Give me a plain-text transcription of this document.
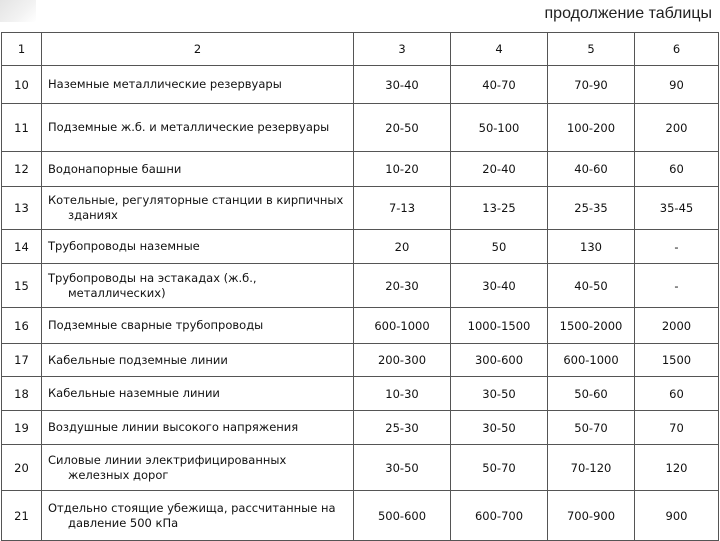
продолжение таблицы
1	2	3	4	5	6
10	Наземные металлические резервуары	30-40	40-70	70-90	90
11	Подземные ж.б. и металлические резервуары	20-50	50-100	100-200	200
12	Водонапорные башни	10-20	20-40	40-60	60
13	Котельные, регуляторные станции в кирпичных
зданиях	7-13	13-25	25-35	35-45
14	Трубопроводы наземные	20	50	130	-
15	Трубопроводы на эстакадах (ж.б.,
металлических)	20-30	30-40	40-50	-
16	Подземные сварные трубопроводы	600-1000	1000-1500	1500-2000	2000
17	Кабельные подземные линии	200-300	300-600	600-1000	1500
18	Кабельные наземные линии	10-30	30-50	50-60	60
19	Воздушные линии высокого напряжения	25-30	30-50	50-70	70
20	Силовые линии электрифицированных
железных дорог	30-50	50-70	70-120	120
21	Отдельно стоящие убежища, рассчитанные на
давление 500 кПа	500-600	600-700	700-900	900
